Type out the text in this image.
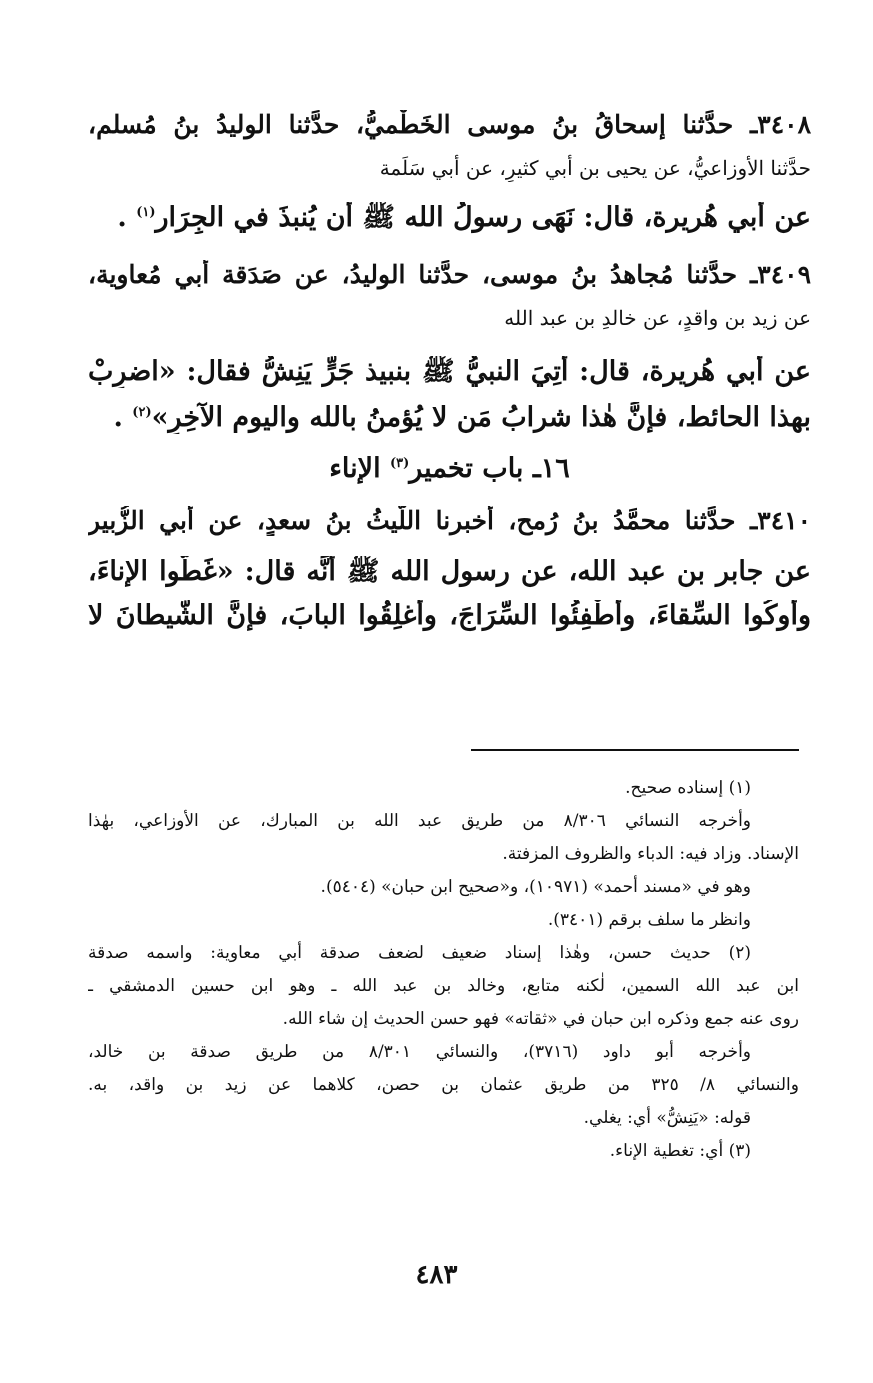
٣٤٠٨ـ حدَّثنا إسحاقُ بنُ موسى الخَطْميُّ، حدَّثنا الوليدُ بنُ مُسلمٍ،
حدَّثنا الأوزاعيُّ، عن يحيى بن أبي كثيرٍ، عن أبي سَلَمة
عن أبي هُريرة، قال: نَهَى رسولُ الله ﷺ أن يُنبذَ في الجِرَار$^{(١)}$ .
٣٤٠٩ـ حدَّثنا مُجاهدُ بنُ موسى، حدَّثنا الوليدُ، عن صَدَقة أبي مُعاوية،
عن زيد بن واقدٍ، عن خالدِ بن عبد الله
عن أبي هُريرة، قال: أُتِيَ النبيُّ ﷺ بنبيذ جَرٍّ يَنِشُّ فقال: «اضرِبْ
بهذا الحائط، فإنَّ هٰذا شرابُ مَن لا يُؤمنُ بالله واليوم الآخِرِ»$^{(٢)}$ .
١٦ـ باب تخمير$^{(٣)}$ الإناء
٣٤١٠ـ حدَّثنا محمَّدُ بنُ رُمحٍ، أخبرنا اللَّيثُ بنُ سعدٍ، عن أبي الزُّبير
عن جابر بن عبد الله، عن رسول الله ﷺ أنَّه قال: «غَطُّوا الإناءَ،
وأوكُوا السِّقاءَ، وأطْفِئُوا السِّرَاجَ، وأغلِقُوا البابَ، فإنَّ الشَّيطانَ لا
(١) إسناده صحيح.
وأخرجه النسائي ٨/٣٠٦ من طريق عبد الله بن المبارك، عن الأوزاعي، بهٰذا
الإسناد. وزاد فيه: الدباء والظروف المزفتة.
وهو في «مسند أحمد» (١٠٩٧١)، و«صحيح ابن حبان» (٥٤٠٤).
وانظر ما سلف برقم (٣٤٠١).
(٢) حديث حسن، وهٰذا إسناد ضعيف لضعف صدقة أبي معاوية: واسمه صدقة
ابن عبد الله السمين، لٰكنه متابع، وخالد بن عبد الله ـ وهو ابن حسين الدمشقي ـ
روى عنه جمع وذكره ابن حبان في «ثقاته» فهو حسن الحديث إن شاء الله.
وأخرجه أبو داود (٣٧١٦)، والنسائي ٨/٣٠١ من طريق صدقة بن خالد،
والنسائي ٨/ ٣٢٥ من طريق عثمان بن حصن، كلاهما عن زيد بن واقد، به.
قوله: «يَنِشُّ» أي: يغلي.
(٣) أي: تغطية الإناء.
٤٨٣
